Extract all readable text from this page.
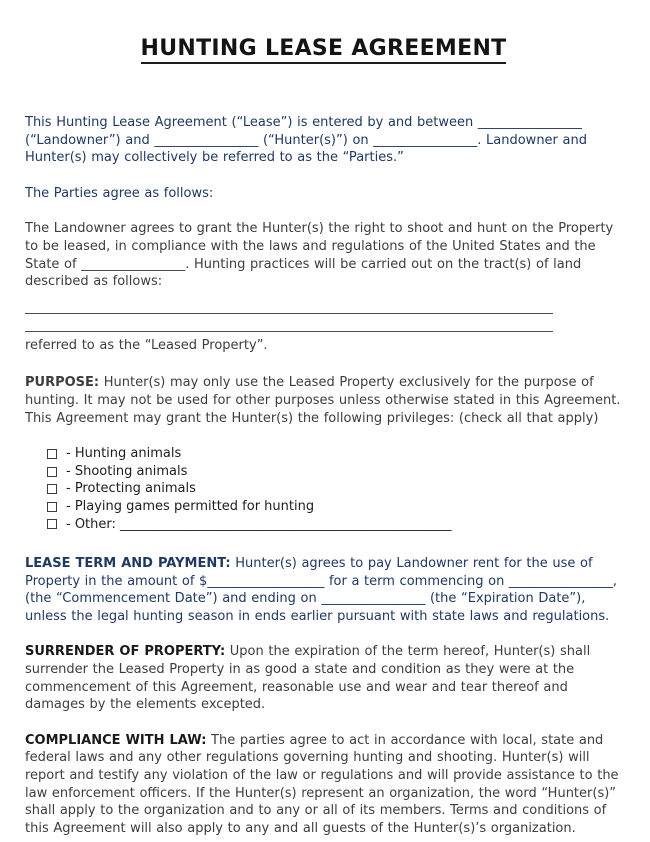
HUNTING LEASE AGREEMENT

This Hunting Lease Agreement (“Lease”) is entered by and between ________________ (“Landowner”) and ________________ (“Hunter(s)”) on ________________. Landowner and Hunter(s) may collectively be referred to as the “Parties.”

The Parties agree as follows:

The Landowner agrees to grant the Hunter(s) the right to shoot and hunt on the Property to be leased, in compliance with the laws and regulations of the United States and the State of ________________. Hunting practices will be carried out on the tract(s) of land described as follows:

referred to as the “Leased Property”.

PURPOSE: Hunter(s) may only use the Leased Property exclusively for the purpose of hunting. It may not be used for other purposes unless otherwise stated in this Agreement. This Agreement may grant the Hunter(s) the following privileges: (check all that apply)

- Hunting animals
- Shooting animals
- Protecting animals
- Playing games permitted for hunting
- Other: ___________________________________________________

LEASE TERM AND PAYMENT: Hunter(s) agrees to pay Landowner rent for the use of Property in the amount of $__________________ for a term commencing on ________________, (the “Commencement Date”) and ending on ________________ (the “Expiration Date”), unless the legal hunting season in ends earlier pursuant with state laws and regulations.

SURRENDER OF PROPERTY: Upon the expiration of the term hereof, Hunter(s) shall surrender the Leased Property in as good a state and condition as they were at the commencement of this Agreement, reasonable use and wear and tear thereof and damages by the elements excepted.

COMPLIANCE WITH LAW: The parties agree to act in accordance with local, state and federal laws and any other regulations governing hunting and shooting. Hunter(s) will report and testify any violation of the law or regulations and will provide assistance to the law enforcement officers. If the Hunter(s) represent an organization, the word “Hunter(s)” shall apply to the organization and to any or all of its members. Terms and conditions of this Agreement will also apply to any and all guests of the Hunter(s)’s organization.
